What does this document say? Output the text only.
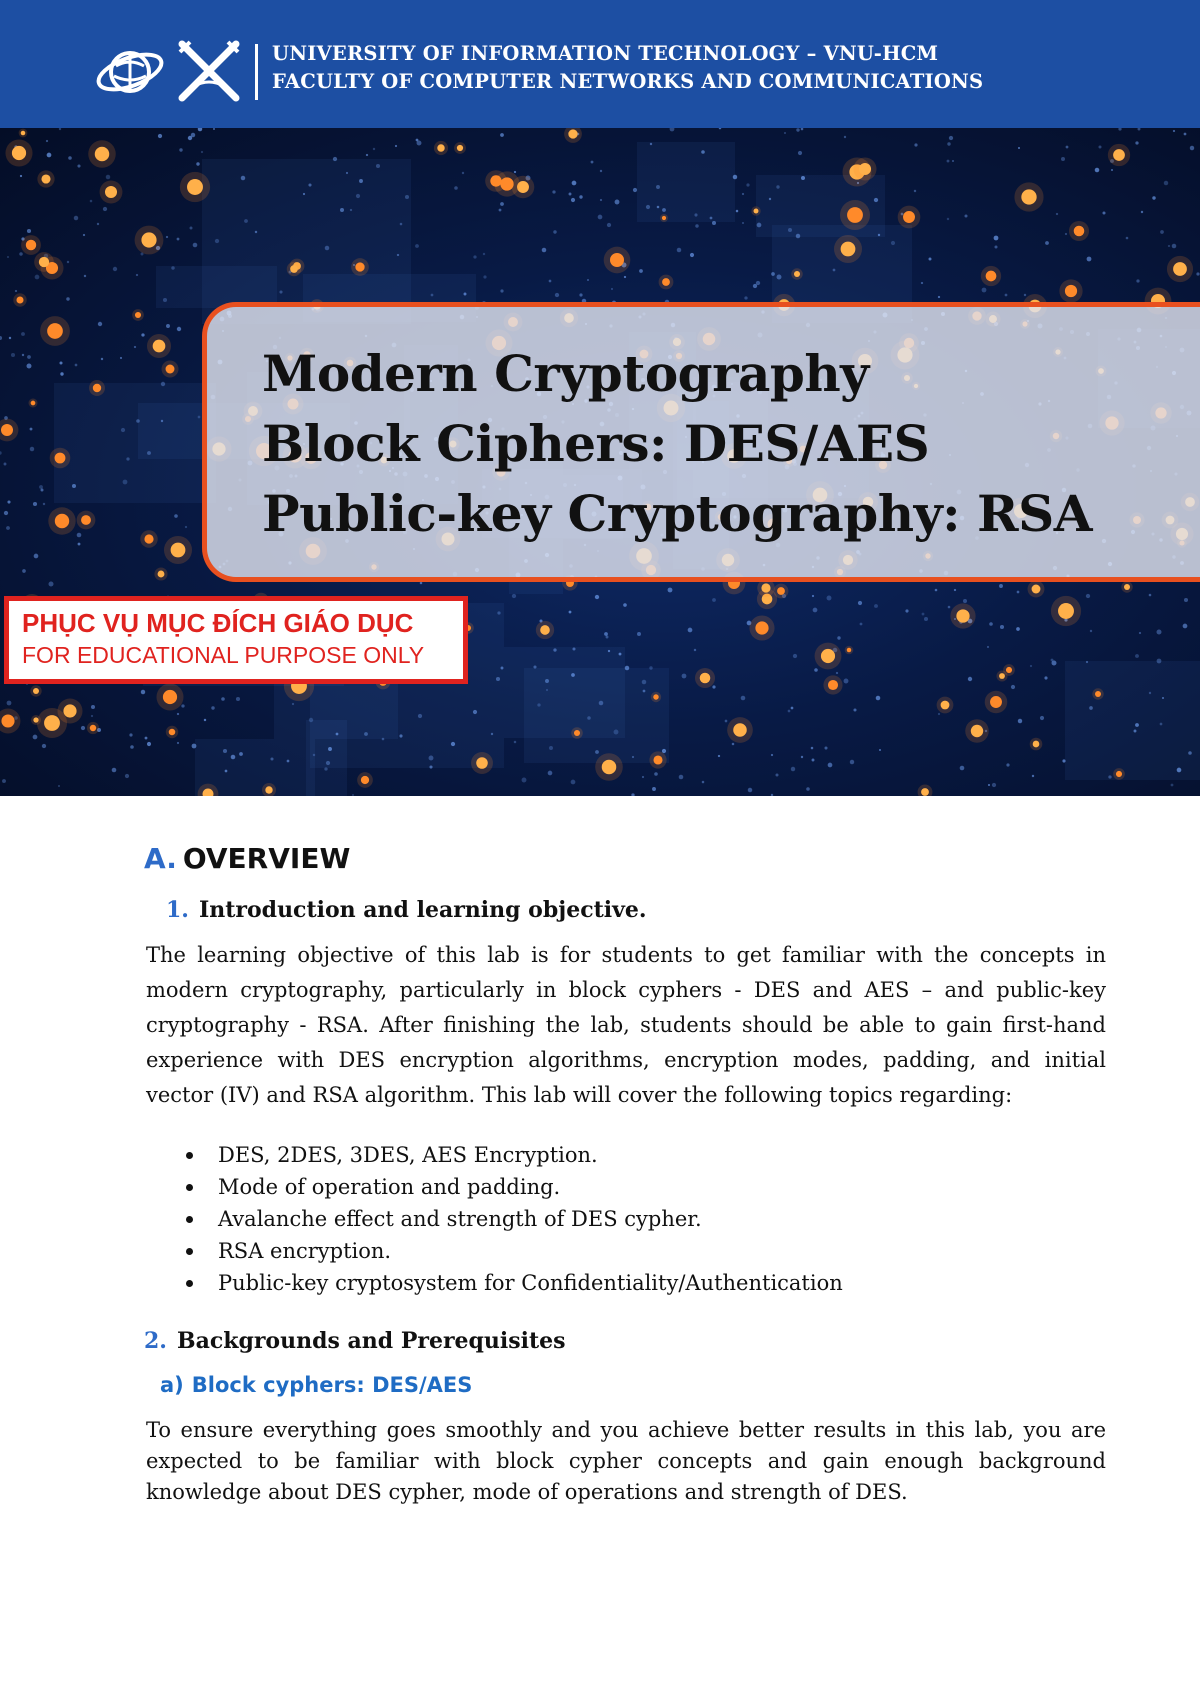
UNIVERSITY OF INFORMATION TECHNOLOGY – VNU-HCM
FACULTY OF COMPUTER NETWORKS AND COMMUNICATIONS
Modern Cryptography
Block Ciphers: DES/AES
Public-key Cryptography: RSA
PHỤC VỤ MỤC ĐÍCH GIÁO DỤC
FOR EDUCATIONAL PURPOSE ONLY
A. OVERVIEW
1. Introduction and learning objective.
The learning objective of this lab is for students to get familiar with the concepts in modern cryptography, particularly in block cyphers - DES and AES – and public-key cryptography - RSA. After finishing the lab, students should be able to gain first-hand experience with DES encryption algorithms, encryption modes, padding, and initial vector (IV) and RSA algorithm. This lab will cover the following topics regarding:
DES, 2DES, 3DES, AES Encryption.
Mode of operation and padding.
Avalanche effect and strength of DES cypher.
RSA encryption.
Public-key cryptosystem for Confidentiality/Authentication
2. Backgrounds and Prerequisites
a) Block cyphers: DES/AES
To ensure everything goes smoothly and you achieve better results in this lab, you are expected to be familiar with block cypher concepts and gain enough background knowledge about DES cypher, mode of operations and strength of DES.
